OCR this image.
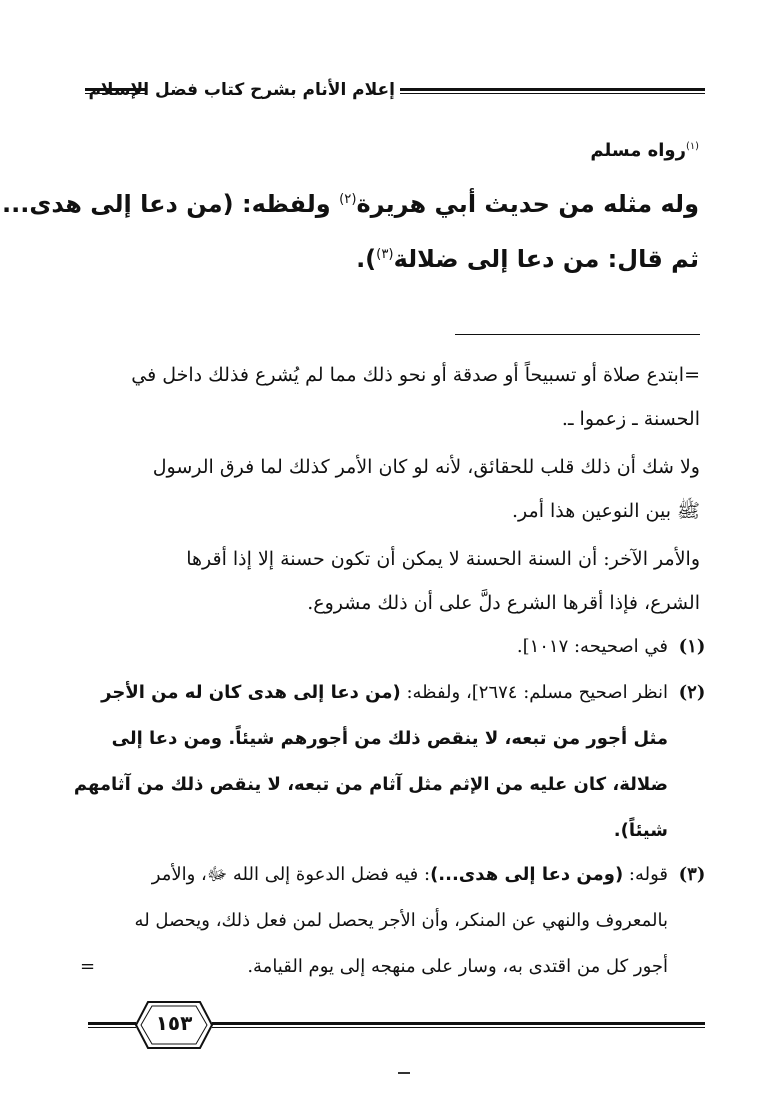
إعلام الأنام بشرح كتاب فضل الإسلام
$^{(١)}$رواه مسلم
وله مثله من حديث أبي هريرة$^{(٢)}$ ولفظه: (من دعا إلى هدى...
ثم قال: من دعا إلى ضلالة$^{(٣)}$).
=ابتدع صلاة أو تسبيحاً أو صدقة أو نحو ذلك مما لم يُشرع فذلك داخل في
الحسنة ـ زعموا ـ.
ولا شك أن ذلك قلب للحقائق، لأنه لو كان الأمر كذلك لما فرق الرسول
ﷺ بين النوعين هذا أمر.
والأمر الآخر: أن السنة الحسنة لا يمكن أن تكون حسنة إلا إذا أقرها
الشرع، فإذا أقرها الشرع دلَّ على أن ذلك مشروع.
(١)
في اصحيحه: ١٠١٧].
(٢)
انظر اصحيح مسلم: ٢٦٧٤]، ولفظه: (من دعا إلى هدى كان له من الأجر
مثل أجور من تبعه، لا ينقص ذلك من أجورهم شيئاً. ومن دعا إلى
ضلالة، كان عليه من الإثم مثل آثام من تبعه، لا ينقص ذلك من آثامهم
شيئاً).
(٣)
قوله: (ومن دعا إلى هدى...): فيه فضل الدعوة إلى الله ﷻ، والأمر
بالمعروف والنهي عن المنكر، وأن الأجر يحصل لمن فعل ذلك، ويحصل له
أجور كل من اقتدى به، وسار على منهجه إلى يوم القيامة.
=
١٥٣
